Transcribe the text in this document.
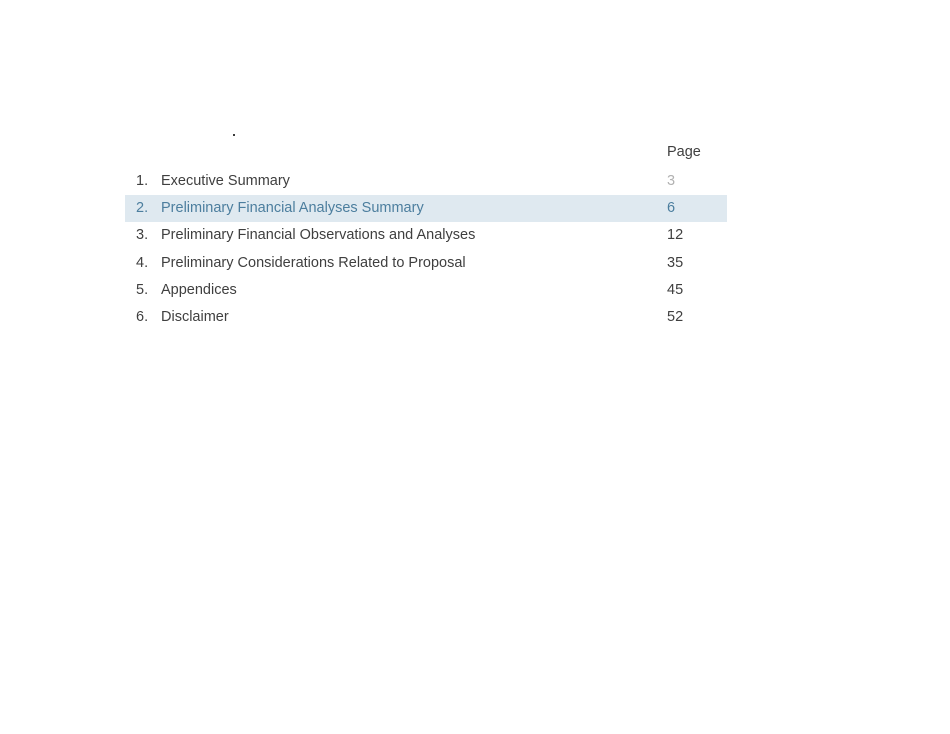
Page
1. Executive Summary	3
2. Preliminary Financial Analyses Summary	6
3. Preliminary Financial Observations and Analyses	12
4. Preliminary Considerations Related to Proposal	35
5. Appendices	45
6. Disclaimer	52
